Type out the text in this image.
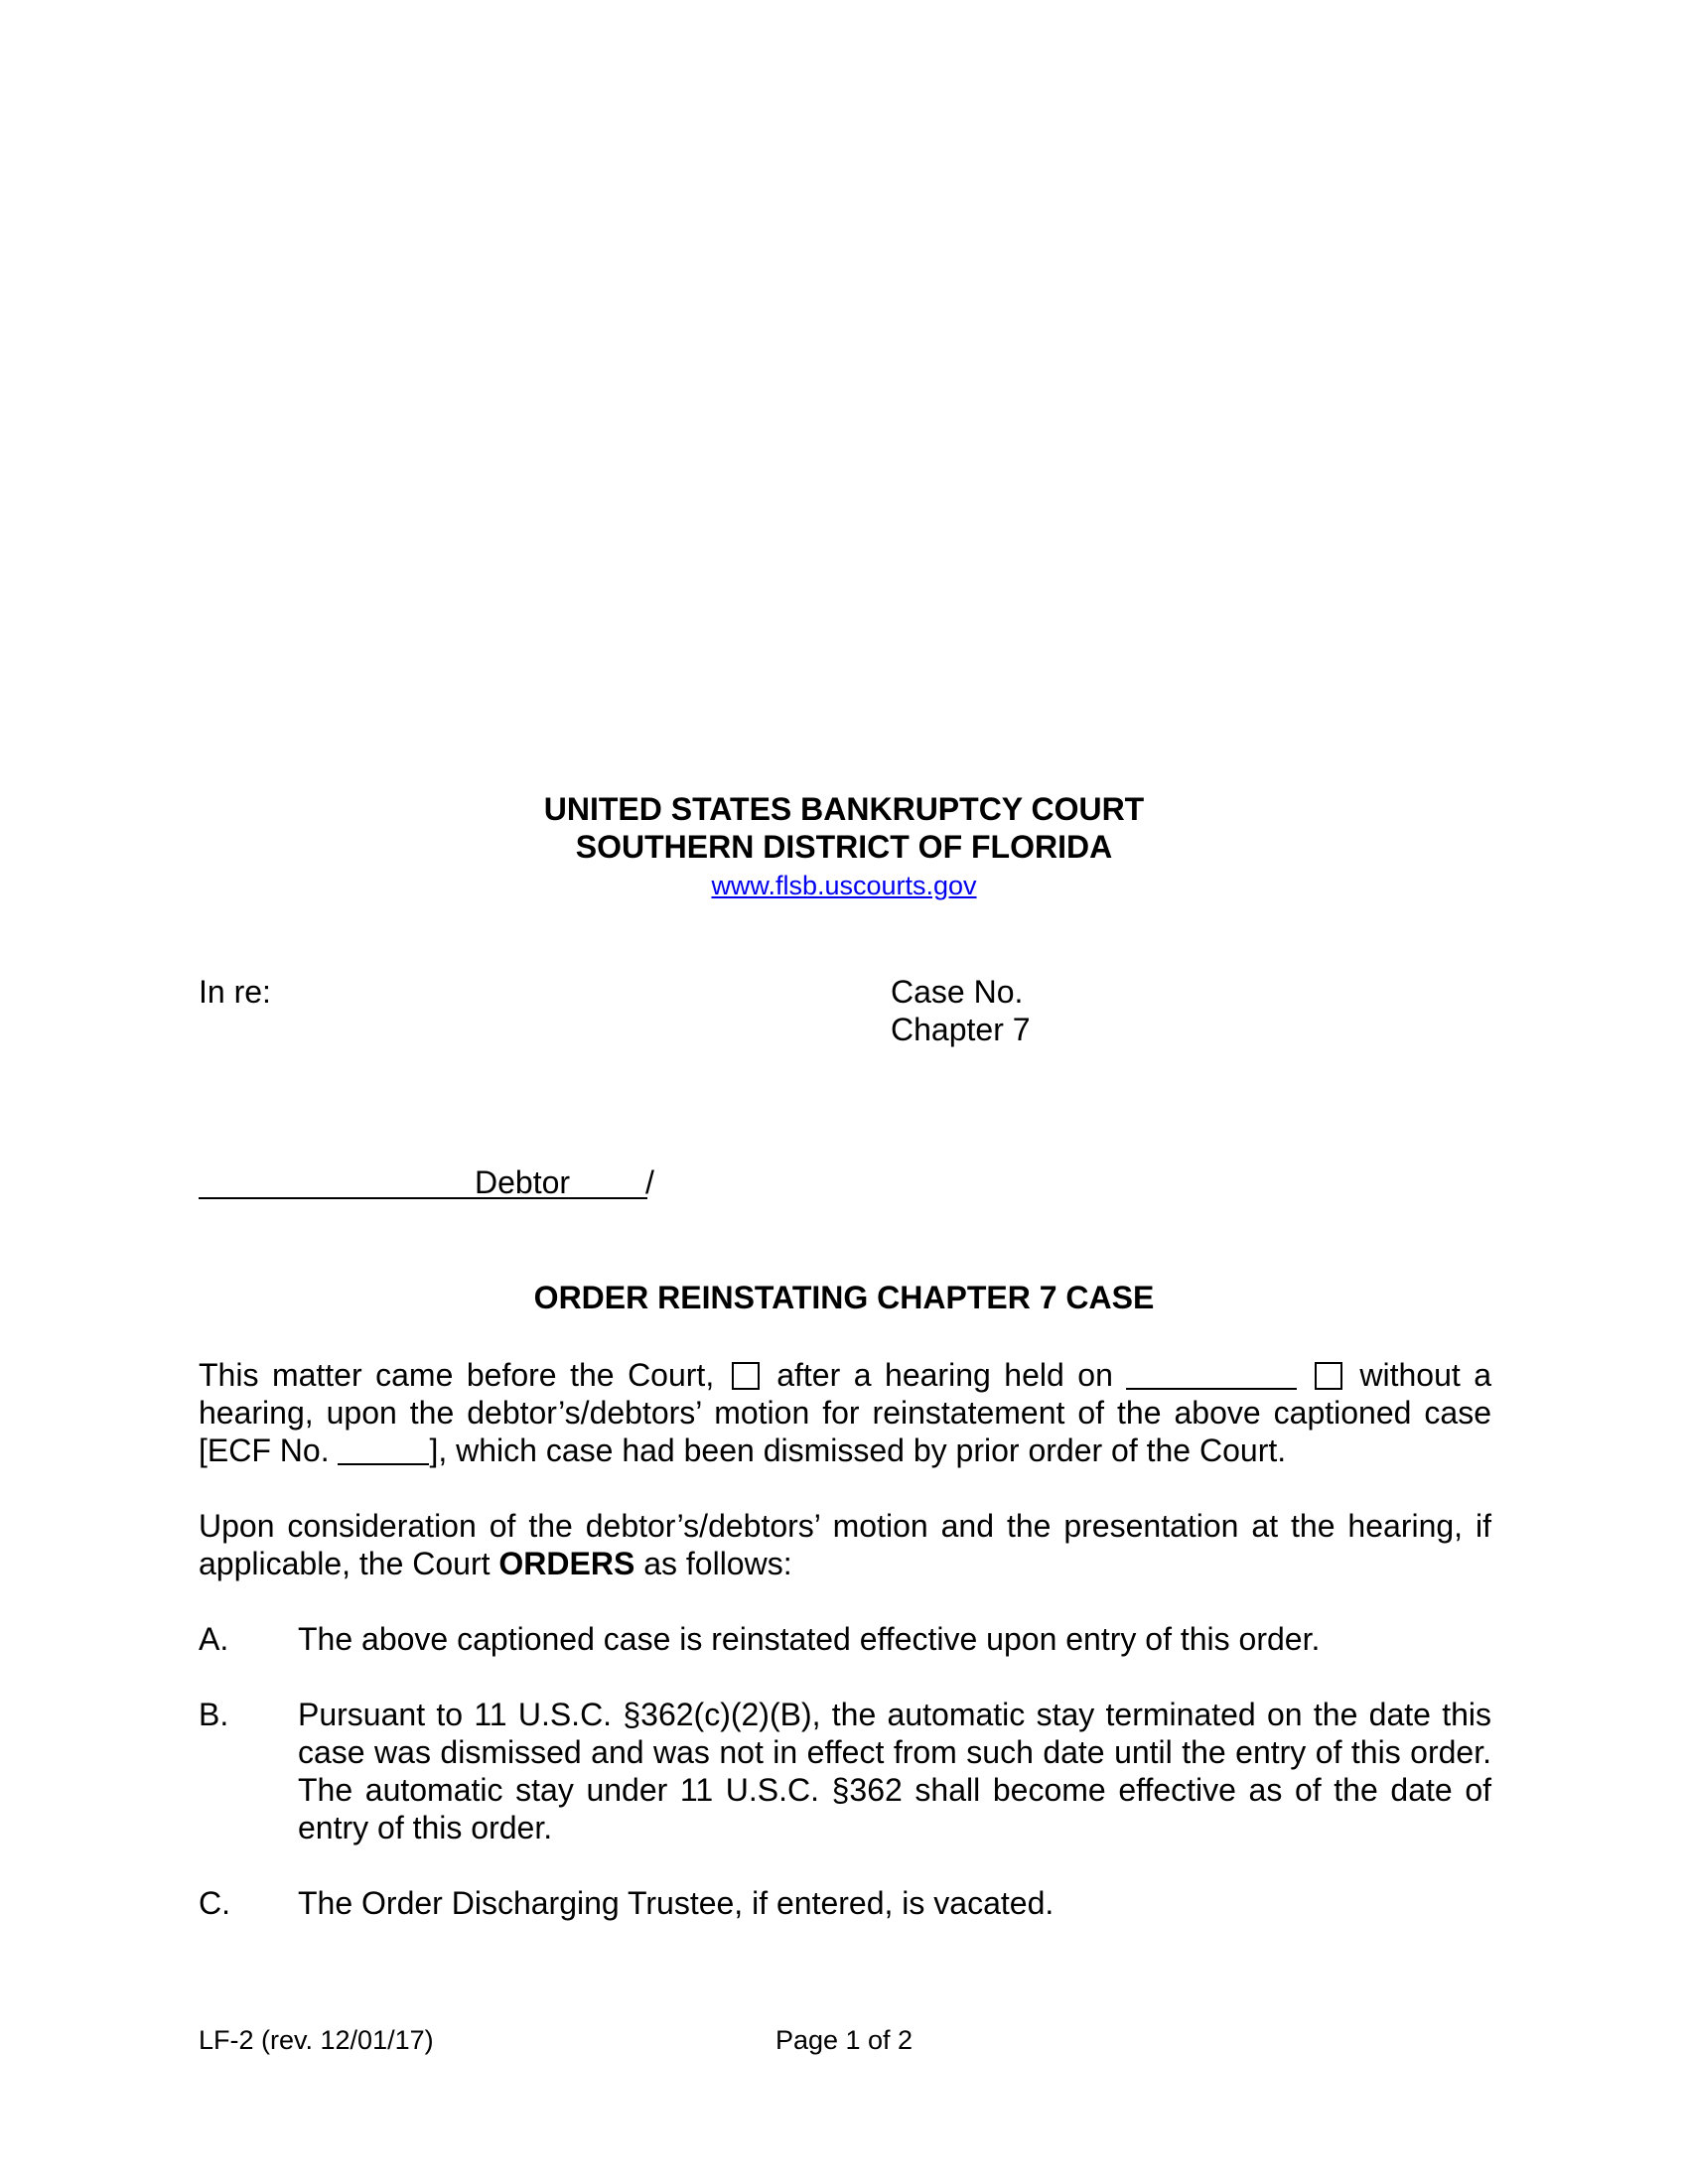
UNITED STATES BANKRUPTCY COURT
SOUTHERN DISTRICT OF FLORIDA
www.flsb.uscourts.gov
In re:	Case No.
Chapter 7
Debtor /
ORDER REINSTATING CHAPTER 7 CASE
This matter came before the Court, after a hearing held on	without a hearing, upon the debtor’s/debtors’ motion for reinstatement of the above captioned case [ECF No.	], which case had been dismissed by prior order of the Court.
Upon consideration of the debtor’s/debtors’ motion and the presentation at the hearing, if applicable, the Court ORDERS as follows:
A. The above captioned case is reinstated effective upon entry of this order.
B. Pursuant to 11 U.S.C. §362(c)(2)(B), the automatic stay terminated on the date this case was dismissed and was not in effect from such date until the entry of this order. The automatic stay under 11 U.S.C. §362 shall become effective as of the date of entry of this order.
C. The Order Discharging Trustee, if entered, is vacated.
LF-2 (rev. 12/01/17)	Page 1 of 2
